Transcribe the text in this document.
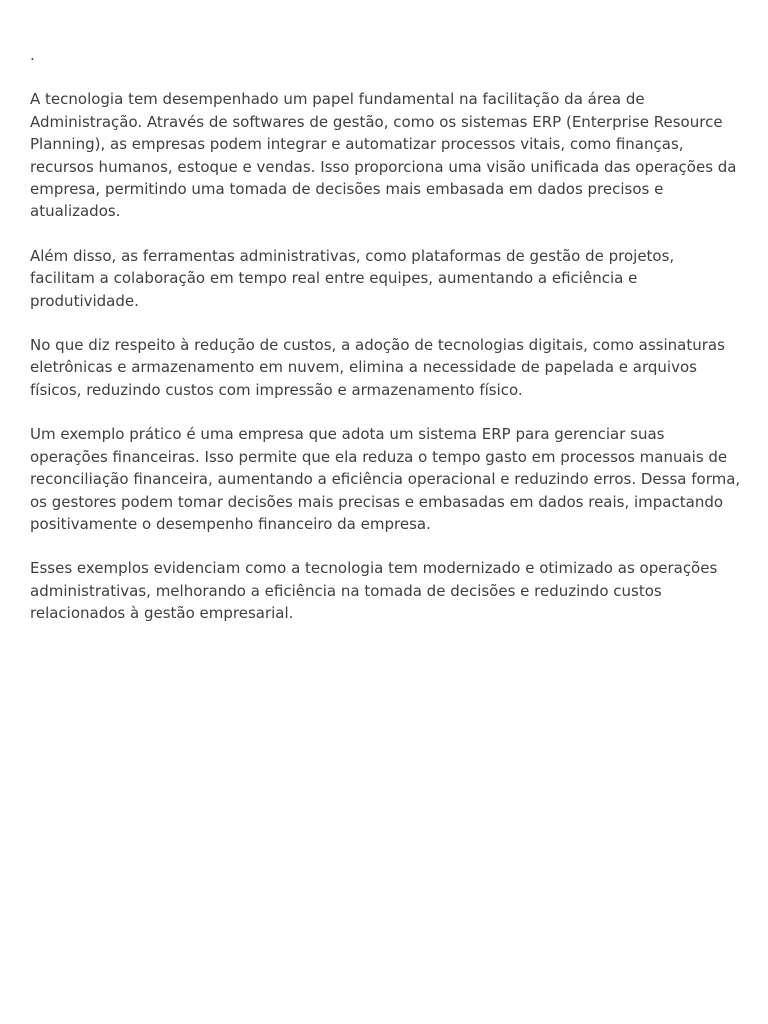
.

A tecnologia tem desempenhado um papel fundamental na facilitação da área de Administração. Através de softwares de gestão, como os sistemas ERP (Enterprise Resource Planning), as empresas podem integrar e automatizar processos vitais, como finanças, recursos humanos, estoque e vendas. Isso proporciona uma visão unificada das operações da empresa, permitindo uma tomada de decisões mais embasada em dados precisos e atualizados.

Além disso, as ferramentas administrativas, como plataformas de gestão de projetos, facilitam a colaboração em tempo real entre equipes, aumentando a eficiência e produtividade.

No que diz respeito à redução de custos, a adoção de tecnologias digitais, como assinaturas eletrônicas e armazenamento em nuvem, elimina a necessidade de papelada e arquivos físicos, reduzindo custos com impressão e armazenamento físico.

Um exemplo prático é uma empresa que adota um sistema ERP para gerenciar suas operações financeiras. Isso permite que ela reduza o tempo gasto em processos manuais de reconciliação financeira, aumentando a eficiência operacional e reduzindo erros. Dessa forma, os gestores podem tomar decisões mais precisas e embasadas em dados reais, impactando positivamente o desempenho financeiro da empresa.

Esses exemplos evidenciam como a tecnologia tem modernizado e otimizado as operações administrativas, melhorando a eficiência na tomada de decisões e reduzindo custos relacionados à gestão empresarial.
